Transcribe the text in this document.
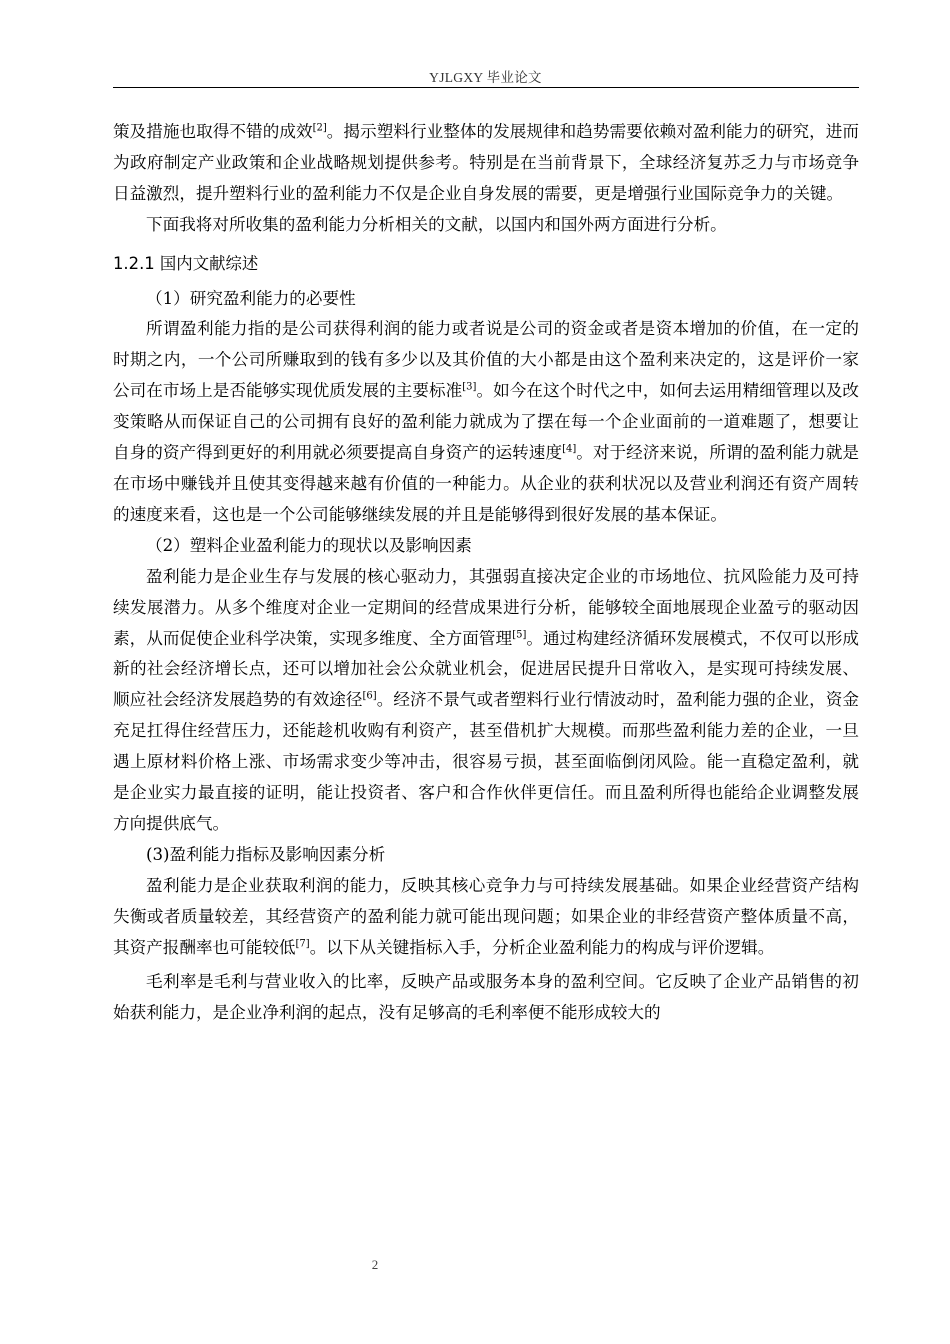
YJLGXY 毕业论文

策及措施也取得不错的成效[2]。揭示塑料行业整体的发展规律和趋势需要依赖对盈利能力的研究，进而为政府制定产业政策和企业战略规划提供参考。特别是在当前背景下，全球经济复苏乏力与市场竞争日益激烈，提升塑料行业的盈利能力不仅是企业自身发展的需要，更是增强行业国际竞争力的关键。

下面我将对所收集的盈利能力分析相关的文献，以国内和国外两方面进行分析。

1.2.1 国内文献综述

（1）研究盈利能力的必要性

所谓盈利能力指的是公司获得利润的能力或者说是公司的资金或者是资本增加的价值，在一定的时期之内，一个公司所赚取到的钱有多少以及其价值的大小都是由这个盈利来决定的，这是评价一家公司在市场上是否能够实现优质发展的主要标准[3]。如今在这个时代之中，如何去运用精细管理以及改变策略从而保证自己的公司拥有良好的盈利能力就成为了摆在每一个企业面前的一道难题了，想要让自身的资产得到更好的利用就必须要提高自身资产的运转速度[4]。对于经济来说，所谓的盈利能力就是在市场中赚钱并且使其变得越来越有价值的一种能力。从企业的获利状况以及营业利润还有资产周转的速度来看，这也是一个公司能够继续发展的并且是能够得到很好发展的基本保证。

（2）塑料企业盈利能力的现状以及影响因素

盈利能力是企业生存与发展的核心驱动力，其强弱直接决定企业的市场地位、抗风险能力及可持续发展潜力。从多个维度对企业一定期间的经营成果进行分析，能够较全面地展现企业盈亏的驱动因素，从而促使企业科学决策，实现多维度、全方面管理[5]。通过构建经济循环发展模式，不仅可以形成新的社会经济增长点，还可以增加社会公众就业机会，促进居民提升日常收入，是实现可持续发展、顺应社会经济发展趋势的有效途径[6]。经济不景气或者塑料行业行情波动时，盈利能力强的企业，资金充足扛得住经营压力，还能趁机收购有利资产，甚至借机扩大规模。而那些盈利能力差的企业，一旦遇上原材料价格上涨、市场需求变少等冲击，很容易亏损，甚至面临倒闭风险。能一直稳定盈利，就是企业实力最直接的证明，能让投资者、客户和合作伙伴更信任。而且盈利所得也能给企业调整发展方向提供底气。

(3)盈利能力指标及影响因素分析

盈利能力是企业获取利润的能力，反映其核心竞争力与可持续发展基础。如果企业经营资产结构失衡或者质量较差，其经营资产的盈利能力就可能出现问题；如果企业的非经营资产整体质量不高，其资产报酬率也可能较低[7]。以下从关键指标入手，分析企业盈利能力的构成与评价逻辑。

毛利率是毛利与营业收入的比率，反映产品或服务本身的盈利空间。它反映了企业产品销售的初始获利能力，是企业净利润的起点，没有足够高的毛利率便不能形成较大的

2
